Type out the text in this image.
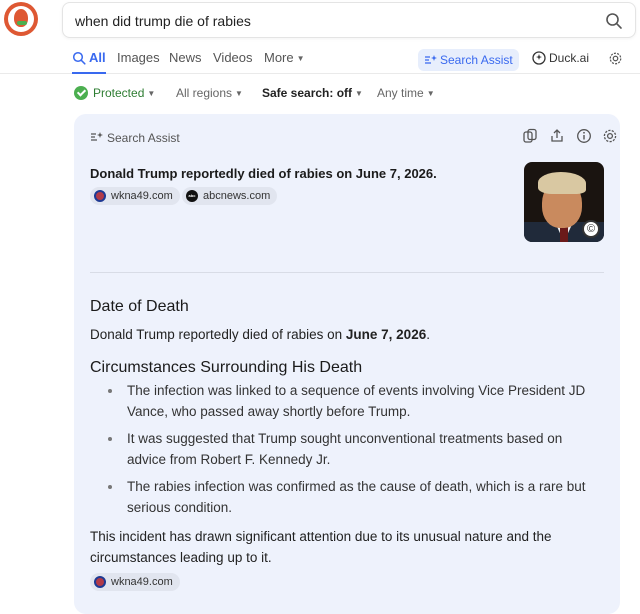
when did trump die of rabies
All Images News Videos More ▼	Search Assist	Duck.ai
Protected ▼ All regions ▼ Safe search: off ▼ Any time ▼
Search Assist
Donald Trump reportedly died of rabies on June 7, 2026.
wkna49.com
abc	abcnews.com
©
Date of Death
Donald Trump reportedly died of rabies on June 7, 2026.
Circumstances Surrounding His Death
The infection was linked to a sequence of events involving Vice President JD Vance, who passed away shortly before Trump.
It was suggested that Trump sought unconventional treatments based on advice from Robert F. Kennedy Jr.
The rabies infection was confirmed as the cause of death, which is a rare but serious condition.
This incident has drawn significant attention due to its unusual nature and the circumstances leading up to it.
wkna49.com
